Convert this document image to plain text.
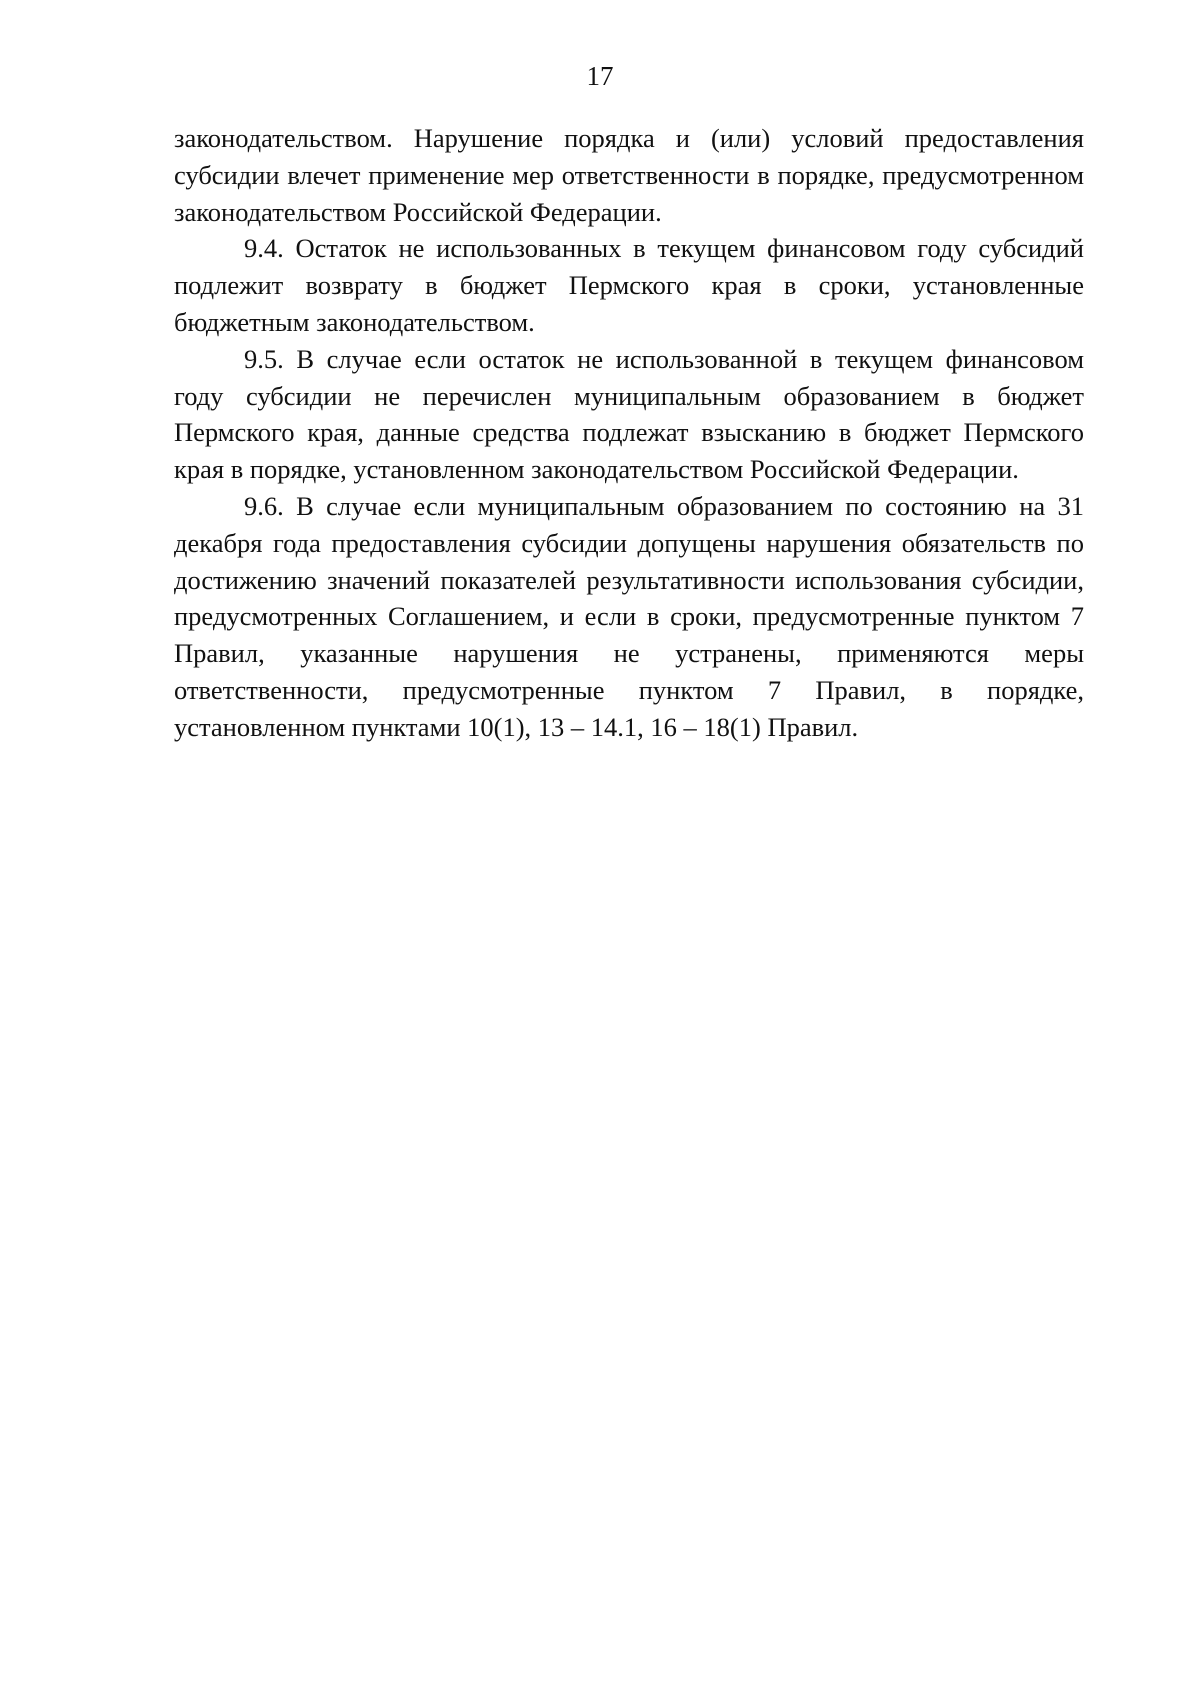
17

законодательством. Нарушение порядка и (или) условий предоставления субсидии влечет применение мер ответственности в порядке, предусмотренном законодательством Российской Федерации.

9.4. Остаток не использованных в текущем финансовом году субсидий подлежит возврату в бюджет Пермского края в сроки, установленные бюджетным законодательством.

9.5. В случае если остаток не использованной в текущем финансовом году субсидии не перечислен муниципальным образованием в бюджет Пермского края, данные средства подлежат взысканию в бюджет Пермского края в порядке, установленном законодательством Российской Федерации.

9.6. В случае если муниципальным образованием по состоянию на 31 декабря года предоставления субсидии допущены нарушения обязательств по достижению значений показателей результативности использования субсидии, предусмотренных Соглашением, и если в сроки, предусмотренные пунктом 7 Правил, указанные нарушения не устранены, применяются меры ответственности, предусмотренные пунктом 7 Правил, в порядке, установленном пунктами 10(1), 13 – 14.1, 16 – 18(1) Правил.
